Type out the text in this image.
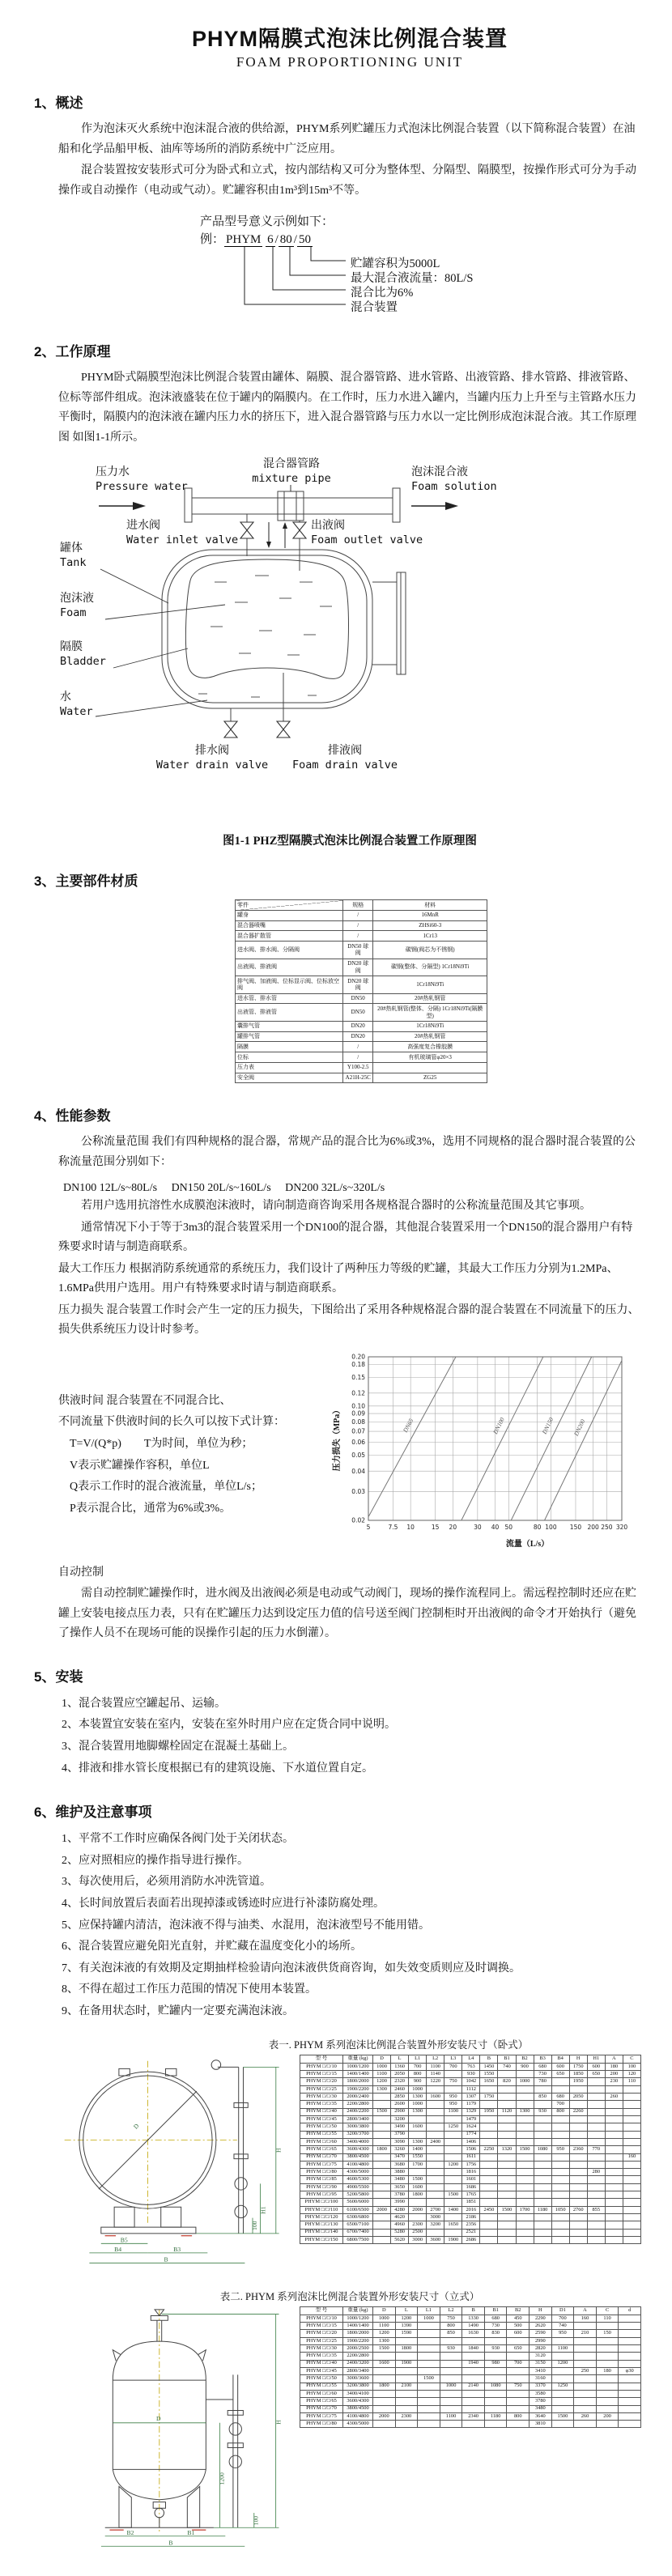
PHYM隔膜式泡沫比例混合装置
FOAM PROPORTIONING UNIT
1、概述

作为泡沫灭火系统中泡沫混合液的供给源，PHYM系列贮罐压力式泡沫比例混合装置（以下简称混合装置）在油船和化学品船甲板、油库等场所的消防系统中广泛应用。

混合装置按安装形式可分为卧式和立式，按内部结构又可分为整体型、分隔型、隔膜型，按操作形式可分为手动操作或自动操作（电动或气动）。贮罐容积由1m³到15m³不等。

产品型号意义示例如下：
例： PHYM 6 / 80 / 50
贮罐容积为5000L
最大混合液流量：80L/S
混合比为6%
混合装置
2、工作原理

PHYM卧式隔膜型泡沫比例混合装置由罐体、隔膜、混合器管路、进水管路、出液管路、排水管路、排液管路、位标等部件组成。泡沫液盛装在位于罐内的隔膜内。在工作时，压力水进入罐内，当罐内压力上升至与主管路水压力平衡时，隔膜内的泡沫液在罐内压力水的挤压下，进入混合器管路与压力水以一定比例形成泡沫混合液。其工作原理图 如图1-1所示。

混合器管路
mixture pipe
压力水
Pressure water
泡沫混合液
Foam solution
进水阀
Water inlet valve
出液阀
Foam outlet valve
罐体
Tank
泡沫液
Foam
隔膜
Bladder
水
Water
排水阀
Water drain valve
排液阀
Foam drain valve
图1-1 PHZ型隔膜式泡沫比例混合装置工作原理图
3、主要部件材质
零件	规格	材料
罐身	/	16MnR
混合器喷嘴	/	ZHSi60-3
混合器扩散管	/	1Cr13
进水阀、排水阀、分隔阀	DN50 球阀	碳钢(阀芯为不锈钢)
出液阀、排液阀	DN20 球阀	碳钢(整体、分隔型) 1Cr18Ni9Ti
排气阀、加液阀、位标显示阀、位标放空阀	DN20 球阀	1Cr18Ni9Ti
进水管、排水管	DN50	20#热轧钢管
出液管、排液管	DN50	20#热轧钢管(整体、分隔) 1Cr18Ni9Ti(隔膜型)
囊排气管	DN20	1Cr18Ni9Ti
罐排气管	DN20	20#热轧钢管
隔膜	/	高强度复合橡胶膜
位标	/	有机玻璃管φ20×3
压力表	Y100-2.5	
安全阀	A21H-25C	ZG25
4、性能参数

公称流量范围 我们有四种规格的混合器，常规产品的混合比为6%或3%，选用不同规格的混合器时混合装置的公称流量范围分别如下：

DN100 12L/s~80L/s　 DN150 20L/s~160L/s　 DN200 32L/s~320L/s

若用户选用抗溶性水成膜泡沫液时，请向制造商咨询采用各规格混合器时的公称流量范围及其它事项。

通常情况下小于等于3m3的混合装置采用一个DN100的混合器，其他混合装置采用一个DN150的混合器用户有特殊要求时请与制造商联系。

最大工作压力 根据消防系统通常的系统压力，我们设计了两种压力等级的贮罐，其最大工作压力分别为1.2MPa、1.6MPa供用户选用。用户有特殊要求时请与制造商联系。

压力损失 混合装置工作时会产生一定的压力损失，下图给出了采用各种规格混合器的混合装置在不同流量下的压力、损失供系统压力设计时参考。

供液时间 混合装置在不同混合比、
不同流量下供液时间的长久可以按下式计算：
T=V/(Q*p)　　T为时间，单位为秒；
V表示贮罐操作容积，单位L
Q表示工作时的混合液流量，单位L/s；
P表示混合比，通常为6%或3%。
5	7.5 10	15 20	30 40 50	80 100 150 200 250 320
0.02
0.03
0.04
0.05
0.06
0.07
0.08
0.09
0.10
0.12
0.15
0.18
0.20
DN65	DN100	DN150	DN200
流量（L/s）
压力损失（MPa）
自动控制

需自动控制贮罐操作时，进水阀及出液阀必须是电动或气动阀门，现场的操作流程同上。需远程控制时还应在贮罐上安装电接点压力表，只有在贮罐压力达到设定压力值的信号送至阀门控制柜时开出液阀的命令才开始执行（避免了操作人员不在现场可能的误操作引起的压力水倒灌）。

5、安装
1、混合装置应空罐起吊、运输。
2、本装置宜安装在室内，安装在室外时用户应在定货合同中说明。
3、混合装置用地脚螺栓固定在混凝土基础上。
4、排液和排水管长度根据已有的建筑设施、下水道位置自定。
6、维护及注意事项
1、平常不工作时应确保各阀门处于关闭状态。
2、应对照相应的操作指导进行操作。
3、每次使用后，必须用消防水冲洗管道。
4、长时间放置后表面若出现掉漆或锈迹时应进行补漆防腐处理。
5、应保持罐内清洁，泡沫液不得与油类、水混用，泡沫液型号不能用错。
6、混合装置应避免阳光直射，并贮藏在温度变化小的场所。
7、有关泡沫液的有效期及定期抽样检验请向泡沫液供货商咨询，如失效变质则应及时调换。
8、不得在超过工作压力范围的情况下使用本装置。
9、在备用状态时，贮罐内一定要充满泡沫液。
表一. PHYM 系列泡沫比例混合装置外形安装尺寸（卧式）
D
H
H1
100
B5
B4	B3
B
型 号	重量 (kg)	D	L	L1	L2	L3	L4	B	B1	B2	B3	B4	H	H1	A	C
PHYM □/□/10	1000/1200	1000	1360	700	1100	700	763	1450	740	900	680	600	1750	600	180	100
PHYM □/□/15	1400/1400	1100	2050	800	1140		930	1550			730	650	1850	650	200	120
PHYM □/□/20	1800/2000	1200	2320	900	1220	750	1042	1650	820	1000	780		1950		230	110
PHYM □/□/25	1900/2200	1300	2460	1000			1112									
PHYM □/□/30	2000/2400		2850	1300	1600	950	1307	1750			850	680	2050		260	
PHYM □/□/35	2200/2800		2600	1000		950	1179					700				
PHYM □/□/40	2400/2200	1500	2900	1300		1100	1329	1950	1120	1300	930	800	2260			
PHYM □/□/45	2800/3400		3200				1479									
PHYM □/□/50	3000/3800		3490	1600		1250	1624									
PHYM □/□/55	3200/3700		3790				1774									
PHYM □/□/60	3400/4000		3090	1300	2400		1406									
PHYM □/□/65	3600/4300	1800	3260	1400			1506	2250	1320	1500	1080	950	2360	770		
PHYM □/□/70	3800/4500		3470	1550			1611									160
PHYM □/□/75	4100/4800		3680	1700		1200	1756									
PHYM □/□/80	4300/5000		3880				1816							280		
PHYM □/□/85	4600/5300		3480	1500			1601									
PHYM □/□/90	4900/5500		3650	1600			1686									
PHYM □/□/95	5200/5800		3780	1800		1500	1765									
PHYM □/□/100	5600/6000		3990				1851									
PHYM □/□/110	6100/6500	2000	4280	2000	2700	1400	2016	2450	1500	1700	1180	1050	2760	855		
PHYM □/□/120	6300/6800		4620		3000		2186									
PHYM □/□/130	6500/7100		4960	2300	3200	1650	2356									
PHYM □/□/140	6700/7400		5280	2500			2521									
PHYM □/□/150	6800/7500		5620	3000	3600	1900	2686									
表二. PHYM 系列泡沫比例混合装置外形安装尺寸（立式）
D
H
1200
100
B2	B1
B
型 号	重量 (kg)	D	L	L1	L2	B	B1	B2	H	D1	A	C	d
PHYM □/□/10	1000/1200	1000	1200	1000	750	1330	680	450	2290	700	160	110	
PHYM □/□/15	1400/1400	1100	1390		800	1490	730	500	2620	740			
PHYM □/□/20	1800/2000	1200	1590		850	1630	830	600	2590	950	210	150	
PHYM □/□/25	1900/2200	1300							2990				
PHYM □/□/30	2000/2500	1500	1800		930	1840	930	650	2820	1100			
PHYM □/□/35	2200/2800								3120				
PHYM □/□/40	2400/3200	1600	1900			1940	980	700	3150	1200			
PHYM □/□/45	2800/3400								3410		250	180	φ30
PHYM □/□/50	3000/3600			1500					3160				
PHYM □/□/55	3200/3800	1800	2100		1000	2140	1080	750	3370	1250			
PHYM □/□/60	3400/4100								3580				
PHYM □/□/65	3600/4300								3780				
PHYM □/□/70	3800/4500								3480				
PHYM □/□/75	4100/4800	2000	2300		1100	2340	1180	800	3640	1500	260	200	
PHYM □/□/80	4300/5000								3810				
